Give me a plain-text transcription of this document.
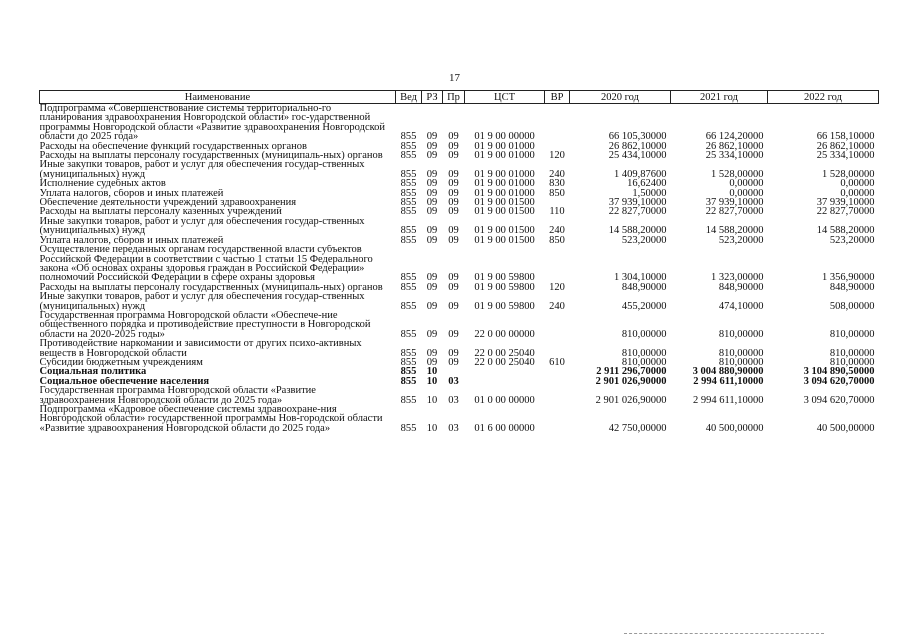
17
Наименование	Вед	РЗ	Пр	ЦСТ	ВР	2020 год	2021 год	2022 год
Подпрограмма «Совершенствование системы территориально-го планирования здравоохранения Новгородской области» гос-ударственной программы Новгородской области «Развитие здравоохранения Новгородской области до 2025 года»	855	09	09	01 9 00 00000		66 105,30000	66 124,20000	66 158,10000
Расходы на обеспечение функций государственных органов	855	09	09	01 9 00 01000		26 862,10000	26 862,10000	26 862,10000
Расходы на выплаты персоналу государственных (муниципаль-ных) органов	855	09	09	01 9 00 01000	120	25 434,10000	25 334,10000	25 334,10000
Иные закупки товаров, работ и услуг для обеспечения государ-ственных (муниципальных) нужд	855	09	09	01 9 00 01000	240	1 409,87600	1 528,00000	1 528,00000
Исполнение судебных актов	855	09	09	01 9 00 01000	830	16,62400	0,00000	0,00000
Уплата налогов, сборов и иных платежей	855	09	09	01 9 00 01000	850	1,50000	0,00000	0,00000
Обеспечение деятельности учреждений здравоохранения	855	09	09	01 9 00 01500		37 939,10000	37 939,10000	37 939,10000
Расходы на выплаты персоналу казенных учреждений	855	09	09	01 9 00 01500	110	22 827,70000	22 827,70000	22 827,70000
Иные закупки товаров, работ и услуг для обеспечения государ-ственных (муниципальных) нужд	855	09	09	01 9 00 01500	240	14 588,20000	14 588,20000	14 588,20000
Уплата налогов, сборов и иных платежей	855	09	09	01 9 00 01500	850	523,20000	523,20000	523,20000
Осуществление переданных органам государственной власти субъектов Российской Федерации в соответствии с частью 1 статьи 15 Федерального закона «Об основах охраны здоровья граждан в Российской Федерации» полномочий Российской Федерации в сфере охраны здоровья	855	09	09	01 9 00 59800		1 304,10000	1 323,00000	1 356,90000
Расходы на выплаты персоналу государственных (муниципаль-ных) органов	855	09	09	01 9 00 59800	120	848,90000	848,90000	848,90000
Иные закупки товаров, работ и услуг для обеспечения государ-ственных (муниципальных) нужд	855	09	09	01 9 00 59800	240	455,20000	474,10000	508,00000
Государственная программа Новгородской области «Обеспече-ние общественного порядка и противодействие преступности в Новгородской области на 2020-2025 годы»	855	09	09	22 0 00 00000		810,00000	810,00000	810,00000
Противодействие наркомании и зависимости от других психо-активных веществ в Новгородской области	855	09	09	22 0 00 25040		810,00000	810,00000	810,00000
Субсидии бюджетным учреждениям	855	09	09	22 0 00 25040	610	810,00000	810,00000	810,00000
Социальная политика	855	10				2 911 296,70000	3 004 880,90000	3 104 890,50000
Социальное обеспечение населения	855	10	03			2 901 026,90000	2 994 611,10000	3 094 620,70000
Государственная программа Новгородской области «Развитие здравоохранения Новгородской области до 2025 года»	855	10	03	01 0 00 00000		2 901 026,90000	2 994 611,10000	3 094 620,70000
Подпрограмма «Кадровое обеспечение системы здравоохране-ния Новгородской области» государственной программы Нов-городской области «Развитие здравоохранения Новгородской области до 2025 года»	855	10	03	01 6 00 00000		42 750,00000	40 500,00000	40 500,00000
